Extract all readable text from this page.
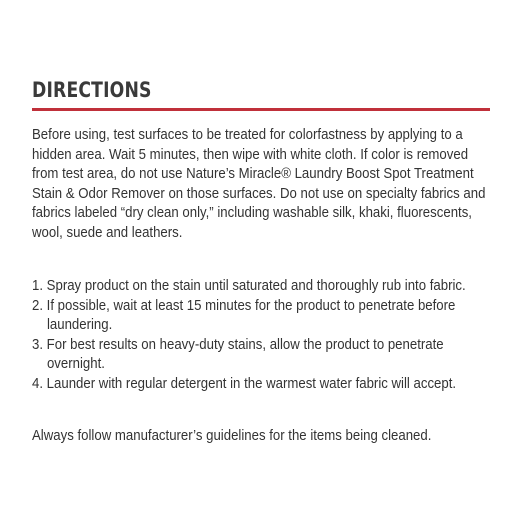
DIRECTIONS

Before using, test surfaces to be treated for colorfastness by applying to a hidden area. Wait 5 minutes, then wipe with white cloth. If color is removed from test area, do not use Nature’s Miracle® Laundry Boost Spot Treatment Stain & Odor Remover on those surfaces. Do not use on specialty fabrics and fabrics labeled “dry clean only,” including washable silk, khaki, fluorescents, wool, suede and leathers.

1. Spray product on the stain until saturated and thoroughly rub into fabric.
2. If possible, wait at least 15 minutes for the product to penetrate before laundering.
3. For best results on heavy-duty stains, allow the product to penetrate overnight.
4. Launder with regular detergent in the warmest water fabric will accept.

Always follow manufacturer’s guidelines for the items being cleaned.
